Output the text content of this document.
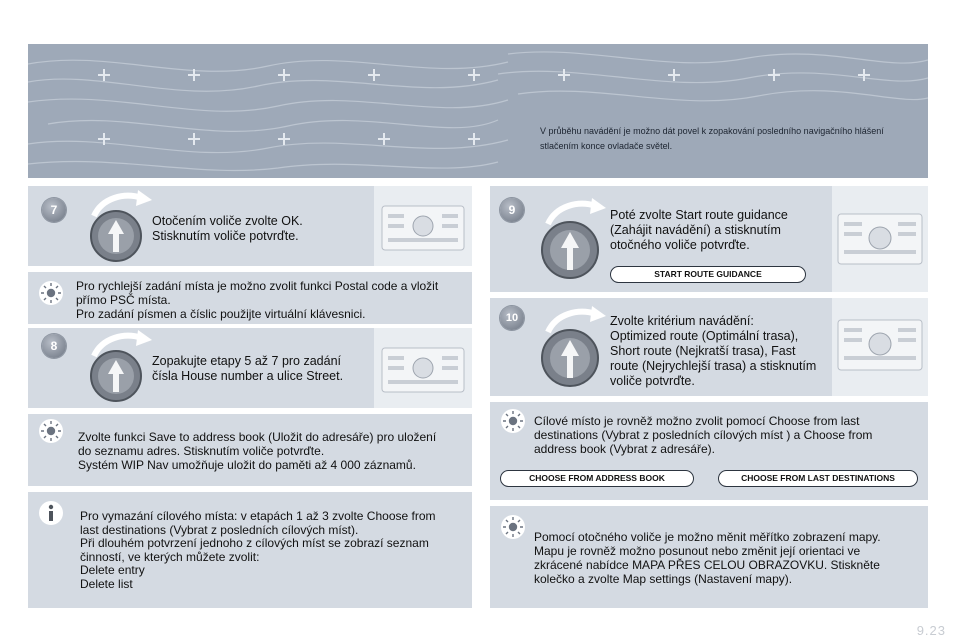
V průběhu navádění je možno dát povel k zopakování posledního navigačního hlášení stlačením konce ovladače světel.
7
Otočením voliče zvolte OK.
Stisknutím voliče potvrďte.
Pro rychlejší zadání místa je možno zvolit funkci Postal code a vložit
přímo PSČ místa.
Pro zadání písmen a číslic použijte virtuální klávesnici.
8
Zopakujte etapy 5 až 7 pro zadání
čísla House number a ulice Street.
Zvolte funkci Save to address book (Uložit do adresáře) pro uložení
do seznamu adres. Stisknutím voliče potvrďte.
Systém WIP Nav umožňuje uložit do paměti až 4 000 záznamů.
Pro vymazání cílového místa: v etapách 1 až 3 zvolte Choose from
last destinations (Vybrat z posledních cílových míst).
Při dlouhém potvrzení jednoho z cílových míst se zobrazí seznam
činností, ve kterých můžete zvolit:
Delete entry
Delete list
9	Poté zvolte Start route guidance
(Zahájit navádění) a stisknutím
otočného voliče potvrďte.
START ROUTE GUIDANCE
10	Zvolte kritérium navádění:
Optimized route (Optimální trasa),
Short route (Nejkratší trasa), Fast
route (Nejrychlejší trasa) a stisknutím
voliče potvrďte.
Cílové místo je rovněž možno zvolit pomocí Choose from last
destinations (Vybrat z posledních cílových míst ) a Choose from
address book (Vybrat z adresáře).
CHOOSE FROM ADDRESS BOOK	CHOOSE FROM LAST DESTINATIONS
Pomocí otočného voliče je možno měnit měřítko zobrazení mapy.
Mapu je rovněž možno posunout nebo změnit její orientaci ve
zkrácené nabídce MAPA PŘES CELOU OBRAZOVKU. Stiskněte
kolečko a zvolte Map settings (Nastavení mapy).
9.23
